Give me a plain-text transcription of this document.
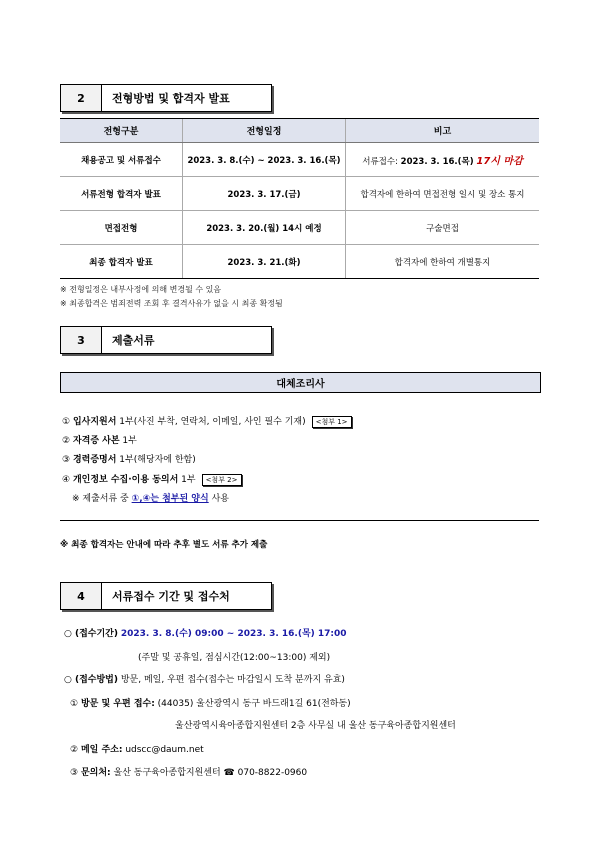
2	전형방법 및 합격자 발표
전형구분	전형일정	비고
채용공고 및 서류접수	2023. 3. 8.(수) ~ 2023. 3. 16.(목)	서류접수: 2023. 3. 16.(목) 17시 마감
서류전형 합격자 발표	2023. 3. 17.(금)	합격자에 한하여 면접전형 일시 및 장소 통지
면접전형	2023. 3. 20.(월) 14시 예정	구술면접
최종 합격자 발표	2023. 3. 21.(화)	합격자에 한하여 개별통지
※ 전형일정은 내부사정에 의해 변경될 수 있음
※ 최종합격은 범죄전력 조회 후 결격사유가 없을 시 최종 확정됨
3	제출서류
대체조리사
① 입사지원서 1부(사진 부착, 연락처, 이메일, 사인 필수 기재) <첨부 1>
② 자격증 사본 1부
③ 경력증명서 1부(해당자에 한함)
④ 개인정보 수집·이용 동의서 1부 <첨부 2>
※ 제출서류 중 ①,④는 첨부된 양식 사용
※ 최종 합격자는 안내에 따라 추후 별도 서류 추가 제출
4	서류접수 기간 및 접수처
○ (접수기간) 2023. 3. 8.(수) 09:00 ~ 2023. 3. 16.(목) 17:00
(주말 및 공휴일, 점심시간(12:00~13:00) 제외)
○ (접수방법) 방문, 메일, 우편 접수(접수는 마감일시 도착 분까지 유효)
① 방문 및 우편 접수: (44035) 울산광역시 동구 바드래1길 61(전하동)
울산광역시육아종합지원센터 2층 사무실 내 울산 동구육아종합지원센터
② 메일 주소: udscc@daum.net
③ 문의처: 울산 동구육아종합지원센터 ☎ 070-8822-0960
